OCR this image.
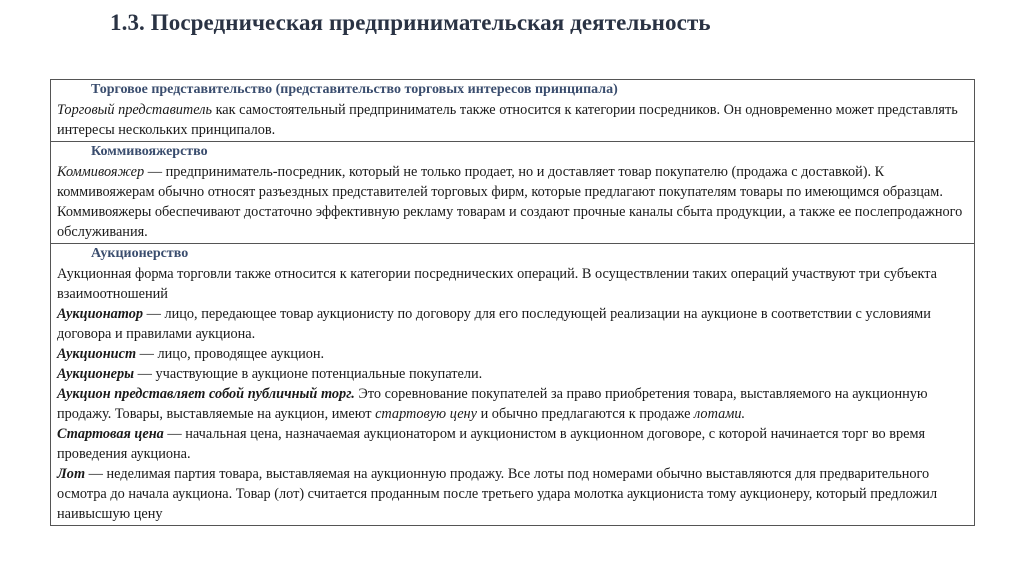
1.3. Посредническая предпринимательская деятельность
Торговое представительство (представительство торговых интересов принципала)
Торговый представитель как самостоятельный предприниматель также относится к категории посредников. Он одновременно может представлять интересы нескольких принципалов.
Коммивояжерство
Коммивояжер — предприниматель-посредник, который не только продает, но и доставляет товар покупателю (продажа с доставкой). К коммивояжерам обычно относят разъездных представителей торговых фирм, которые предлагают покупателям товары по имеющимся образцам. Коммивояжеры обеспечивают достаточно эффективную рекламу товарам и создают прочные каналы сбыта продукции, а также ее послепродажного обслуживания.
Аукционерство
Аукционная форма торговли также относится к категории посреднических операций. В осуществлении таких операций участвуют три субъекта взаимоотношений
Аукционатор — лицо, передающее товар аукционисту по договору для его последующей реализации на аукционе в соответствии с условиями договора и правилами аукциона.
Аукционист — лицо, проводящее аукцион.
Аукционеры — участвующие в аукционе потенциальные покупатели.
Аукцион представляет собой публичный торг. Это соревнование покупателей за право приобретения товара, выставляемого на аукционную продажу. Товары, выставляемые на аукцион, имеют стартовую цену и обычно предлагаются к продаже лотами.
Стартовая цена — начальная цена, назначаемая аукционатором и аукционистом в аукционном договоре, с которой начинается торг во время проведения аукциона.
Лот — неделимая партия товара, выставляемая на аукционную продажу. Все лоты под номерами обычно выставляются для предварительного осмотра до начала аукциона. Товар (лот) считается проданным после третьего удара молотка аукциониста тому аукционеру, который предложил наивысшую цену
